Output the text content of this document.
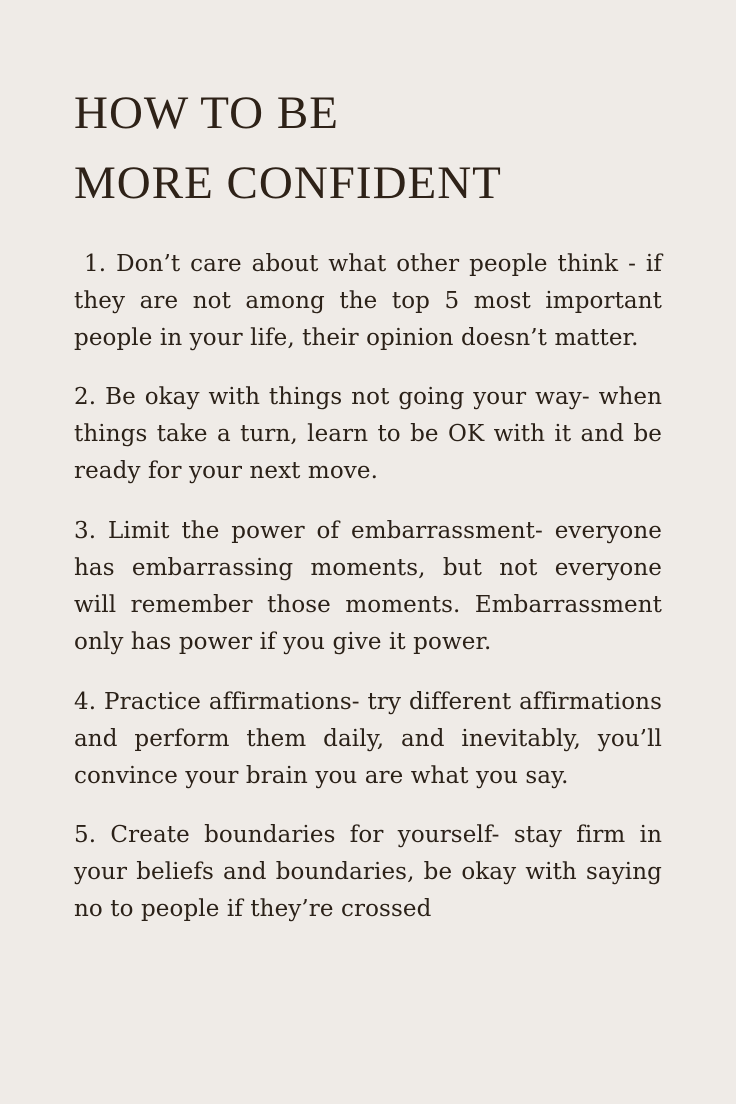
HOW TO BE
MORE CONFIDENT
1. Don’t care about what other people think - if they are not among the top 5 most important people in your life, their opinion doesn’t matter.
2. Be okay with things not going your way- when things take a turn, learn to be OK with it and be ready for your next move.
3. Limit the power of embarrassment- everyone has embarrassing moments, but not everyone will remember those moments. Embarrassment only has power if you give it power.
4. Practice affirmations- try different affirmations and perform them daily, and inevitably, you’ll convince your brain you are what you say.
5. Create boundaries for yourself- stay firm in your beliefs and boundaries, be okay with saying no to people if they’re crossed
